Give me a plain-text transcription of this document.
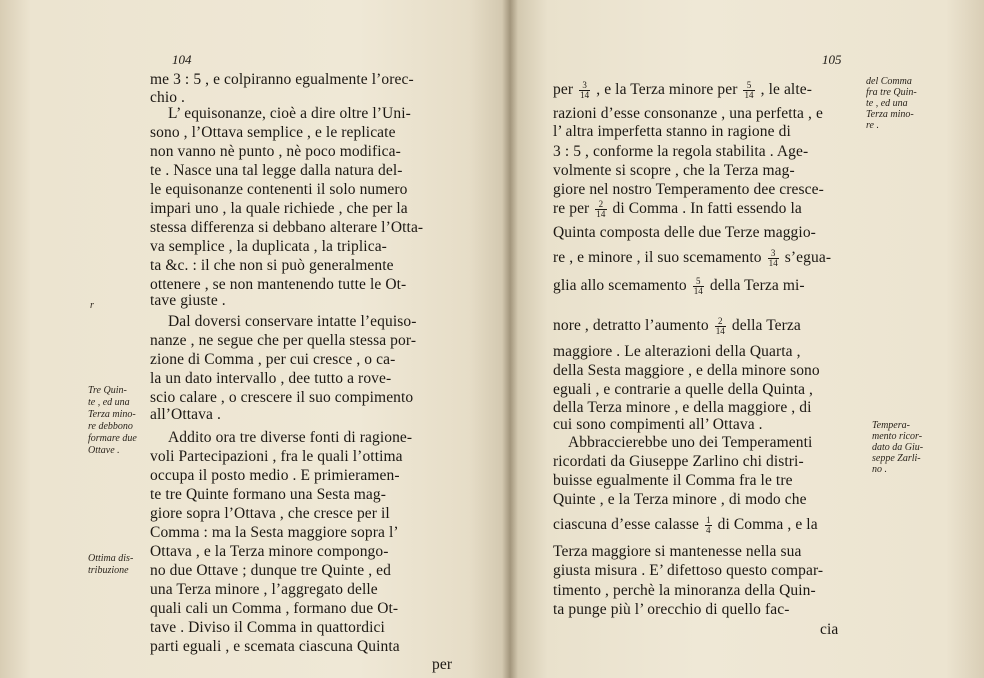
104
me 3 : 5 , e colpiranno egualmente l’orec-
chio .
L’ equisonanze, cioè a dire oltre l’Uni-
sono , l’Ottava semplice , e le replicate
non vanno nè punto , nè poco modifica-
te . Nasce una tal legge dalla natura del-
le equisonanze contenenti il solo numero
impari uno , la quale richiede , che per la
stessa differenza si debbano alterare l’Otta-
va semplice , la duplicata , la triplica-
ta &c. : il che non si può generalmente
ottenere , se non mantenendo tutte le Ot-
tave giuste .
Dal doversi conservare intatte l’equiso-
nanze , ne segue che per quella stessa por-
zione di Comma , per cui cresce , o ca-
la un dato intervallo , dee tutto a rove-
scio calare , o crescere il suo compimento
all’Ottava .
Addito ora tre diverse fonti di ragione-
voli Partecipazioni , fra le quali l’ottima
occupa il posto medio . E primieramen-
te tre Quinte formano una Sesta mag-
giore sopra l’Ottava , che cresce per il
Comma : ma la Sesta maggiore sopra l’
Ottava , e la Terza minore compongo-
no due Ottave ; dunque tre Quinte , ed
una Terza minore , l’aggregato delle
quali cali un Comma , formano due Ot-
tave . Diviso il Comma in quattordici
parti eguali , e scemata ciascuna Quinta
per
r
Tre Quin-
te , ed una
Terza mino-
re debbono
formare due
Ottave .
Ottima dis-
tribuzione
105
per $\frac{3}{14}$ , e la Terza minore per $\frac{5}{14}$ , le alte-
razioni d’esse consonanze , una perfetta , e
l’ altra imperfetta stanno in ragione di
3 : 5 , conforme la regola stabilita . Age-
volmente si scopre , che la Terza mag-
giore nel nostro Temperamento dee cresce-
re per $\frac{2}{14}$ di Comma . In fatti essendo la
Quinta composta delle due Terze maggio-
re , e minore , il suo scemamento $\frac{3}{14}$ s’egua-
glia allo scemamento $\frac{5}{14}$ della Terza mi-
nore , detratto l’aumento $\frac{2}{14}$ della Terza
maggiore . Le alterazioni della Quarta ,
della Sesta maggiore , e della minore sono
eguali , e contrarie a quelle della Quinta ,
della Terza minore , e della maggiore , di
cui sono compimenti all’ Ottava .
Abbraccierebbe uno dei Temperamenti
ricordati da Giuseppe Zarlino chi distri-
buisse egualmente il Comma fra le tre
Quinte , e la Terza minore , di modo che
ciascuna d’esse calasse $\frac{1}{4}$ di Comma , e la
Terza maggiore si mantenesse nella sua
giusta misura . E’ difettoso questo compar-
timento , perchè la minoranza della Quin-
ta punge più l’ orecchio di quello fac-
cia
del Comma
fra tre Quin-
te , ed una
Terza mino-
re .
Tempera-
mento ricor-
dato da Giu-
seppe Zarli-
no .
